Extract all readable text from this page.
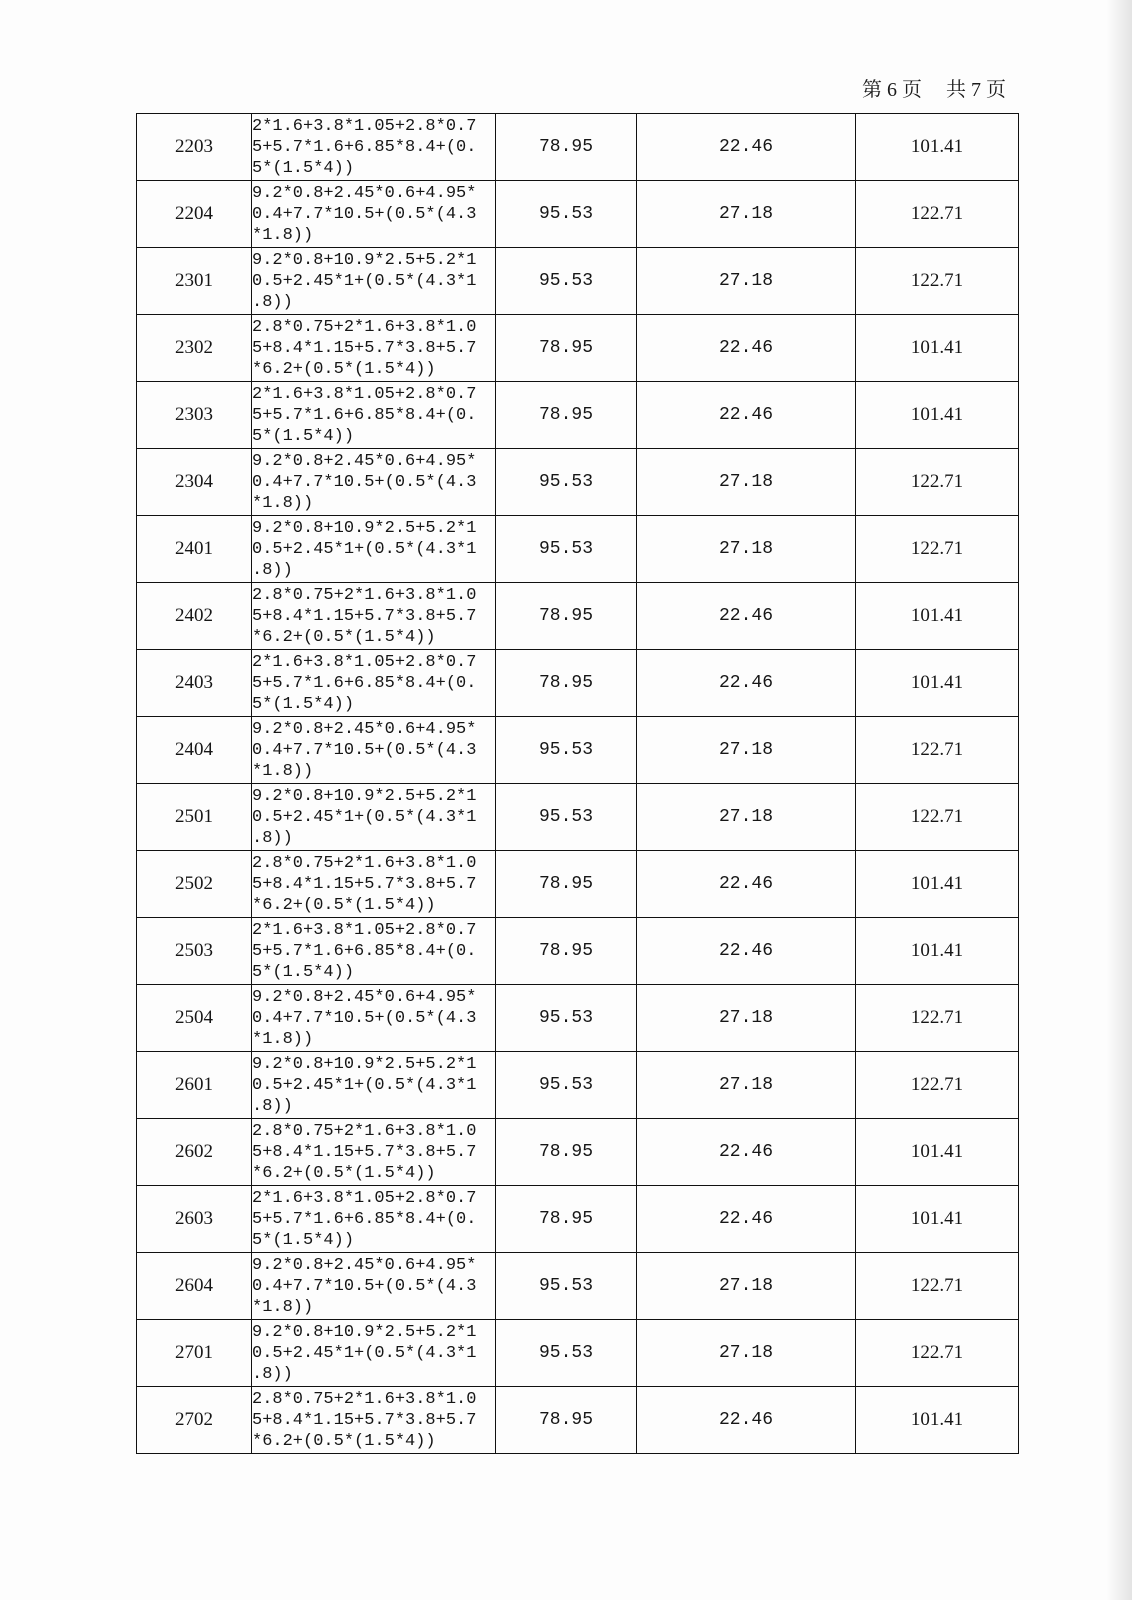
第 6 页 共 7 页
2203	2*1.6+3.8*1.05+2.8*0.75+5.7*1.6+6.85*8.4+(0.5*(1.5*4))	78.95	22.46	101.41
2204	9.2*0.8+2.45*0.6+4.95*0.4+7.7*10.5+(0.5*(4.3*1.8))	95.53	27.18	122.71
2301	9.2*0.8+10.9*2.5+5.2*10.5+2.45*1+(0.5*(4.3*1.8))	95.53	27.18	122.71
2302	2.8*0.75+2*1.6+3.8*1.05+8.4*1.15+5.7*3.8+5.7*6.2+(0.5*(1.5*4))	78.95	22.46	101.41
2303	2*1.6+3.8*1.05+2.8*0.75+5.7*1.6+6.85*8.4+(0.5*(1.5*4))	78.95	22.46	101.41
2304	9.2*0.8+2.45*0.6+4.95*0.4+7.7*10.5+(0.5*(4.3*1.8))	95.53	27.18	122.71
2401	9.2*0.8+10.9*2.5+5.2*10.5+2.45*1+(0.5*(4.3*1.8))	95.53	27.18	122.71
2402	2.8*0.75+2*1.6+3.8*1.05+8.4*1.15+5.7*3.8+5.7*6.2+(0.5*(1.5*4))	78.95	22.46	101.41
2403	2*1.6+3.8*1.05+2.8*0.75+5.7*1.6+6.85*8.4+(0.5*(1.5*4))	78.95	22.46	101.41
2404	9.2*0.8+2.45*0.6+4.95*0.4+7.7*10.5+(0.5*(4.3*1.8))	95.53	27.18	122.71
2501	9.2*0.8+10.9*2.5+5.2*10.5+2.45*1+(0.5*(4.3*1.8))	95.53	27.18	122.71
2502	2.8*0.75+2*1.6+3.8*1.05+8.4*1.15+5.7*3.8+5.7*6.2+(0.5*(1.5*4))	78.95	22.46	101.41
2503	2*1.6+3.8*1.05+2.8*0.75+5.7*1.6+6.85*8.4+(0.5*(1.5*4))	78.95	22.46	101.41
2504	9.2*0.8+2.45*0.6+4.95*0.4+7.7*10.5+(0.5*(4.3*1.8))	95.53	27.18	122.71
2601	9.2*0.8+10.9*2.5+5.2*10.5+2.45*1+(0.5*(4.3*1.8))	95.53	27.18	122.71
2602	2.8*0.75+2*1.6+3.8*1.05+8.4*1.15+5.7*3.8+5.7*6.2+(0.5*(1.5*4))	78.95	22.46	101.41
2603	2*1.6+3.8*1.05+2.8*0.75+5.7*1.6+6.85*8.4+(0.5*(1.5*4))	78.95	22.46	101.41
2604	9.2*0.8+2.45*0.6+4.95*0.4+7.7*10.5+(0.5*(4.3*1.8))	95.53	27.18	122.71
2701	9.2*0.8+10.9*2.5+5.2*10.5+2.45*1+(0.5*(4.3*1.8))	95.53	27.18	122.71
2702	2.8*0.75+2*1.6+3.8*1.05+8.4*1.15+5.7*3.8+5.7*6.2+(0.5*(1.5*4))	78.95	22.46	101.41
